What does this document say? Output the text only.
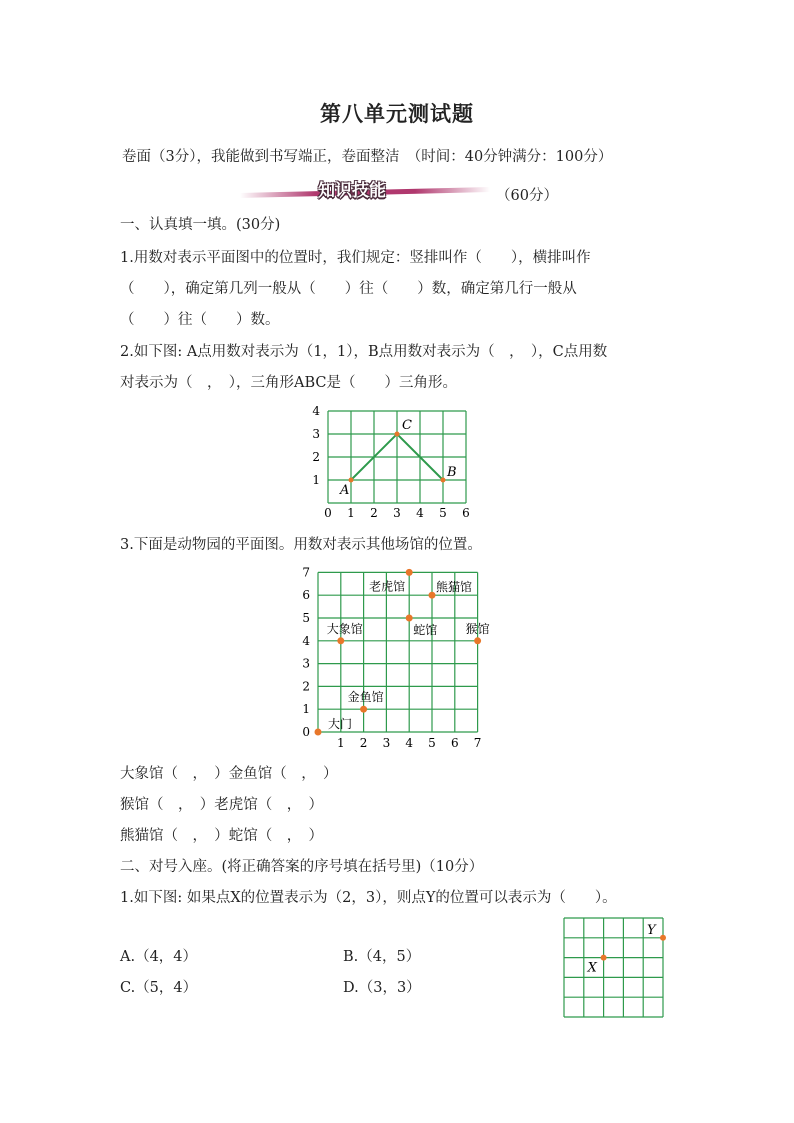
第八单元测试题
卷面（3分），我能做到书写端正，卷面整洁　（时间：40分钟满分：100分）
知识技能	（60分）
一、认真填一填。(30分)
1.用数对表示平面图中的位置时，我们规定：竖排叫作（　　），横排叫作
（　　），确定第几列一般从（　　）往（　　）数，确定第几行一般从
（　　）往（　　）数。
2.如下图: A点用数对表示为（1，1），B点用数对表示为（　，　），C点用数
对表示为（　，　），三角形ABC是（　　）三角形。
0 1 2 3 4 5 6
1
2
3
4
A
C
B
3.下面是动物园的平面图。用数对表示其他场馆的位置。
1 2 3 4 5 6 7
0
1
2
3
4
5
6
7
大门
金鱼馆
大象馆	蛇馆
老虎馆	熊猫馆
猴馆
大象馆（　，　）金鱼馆（　，　）
猴馆（　，　）老虎馆（　，　）
熊猫馆（　，　）蛇馆（　，　）
二、对号入座。(将正确答案的序号填在括号里)（10分）
1.如下图: 如果点X的位置表示为（2，3），则点Y的位置可以表示为（　　）。
A.（4，4）	B.（4，5）
C.（5，4）	D.（3，3）
X
Y
